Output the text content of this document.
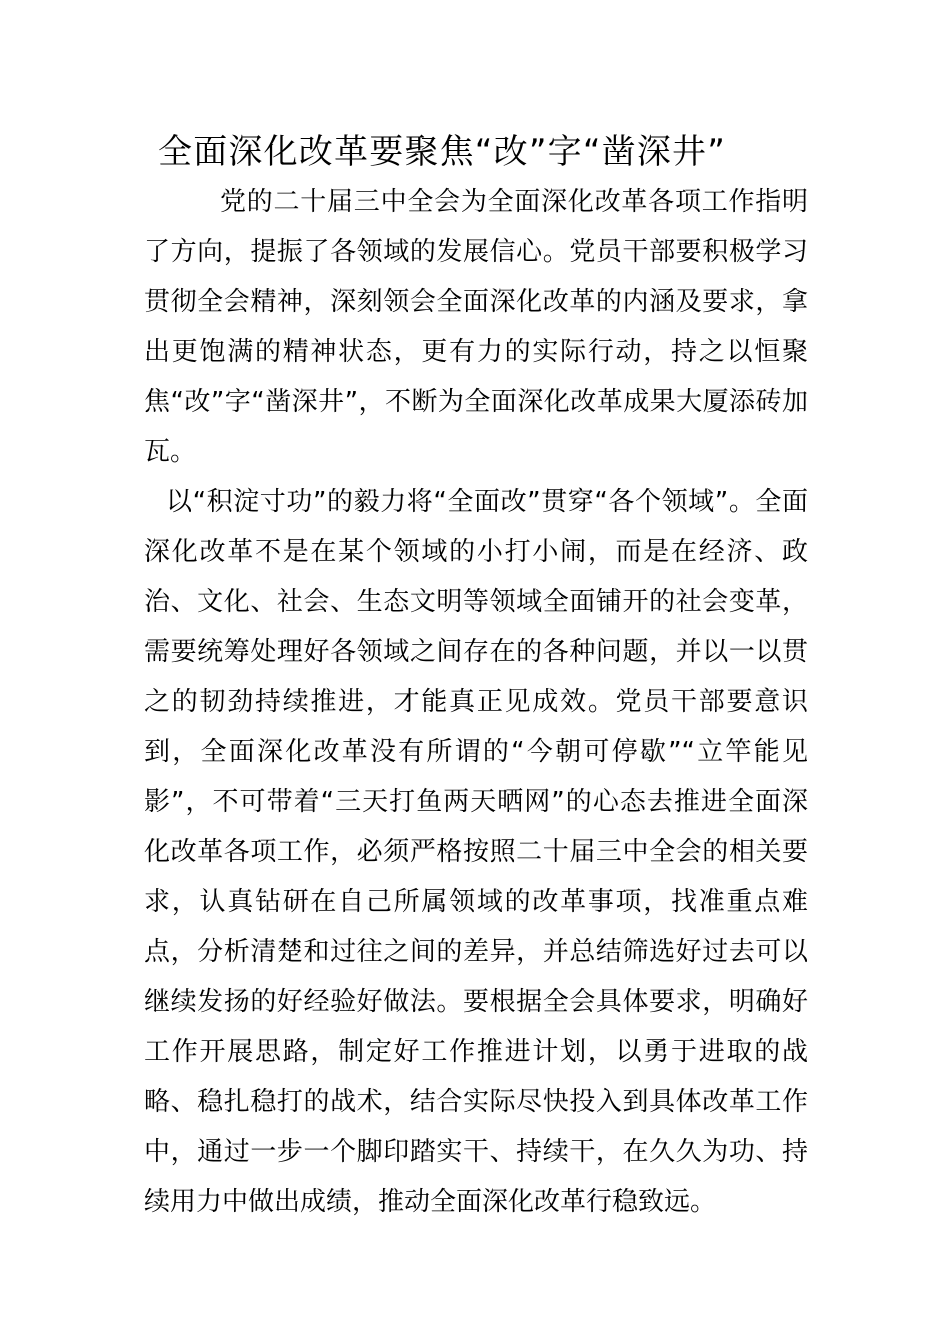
全面深化改革要聚焦“改”字“凿深井”

党的二十届三中全会为全面深化改革各项工作指明了方向，提振了各领域的发展信心。党员干部要积极学习贯彻全会精神，深刻领会全面深化改革的内涵及要求，拿出更饱满的精神状态，更有力的实际行动，持之以恒聚焦“改”字“凿深井”，不断为全面深化改革成果大厦添砖加瓦。

以“积淀寸功”的毅力将“全面改”贯穿“各个领域”。全面深化改革不是在某个领域的小打小闹，而是在经济、政治、文化、社会、生态文明等领域全面铺开的社会变革，需要统筹处理好各领域之间存在的各种问题，并以一以贯之的韧劲持续推进，才能真正见成效。党员干部要意识到，全面深化改革没有所谓的“今朝可停歇”“立竿能见影”，不可带着“三天打鱼两天晒网”的心态去推进全面深化改革各项工作，必须严格按照二十届三中全会的相关要求，认真钻研在自己所属领域的改革事项，找准重点难点，分析清楚和过往之间的差异，并总结筛选好过去可以继续发扬的好经验好做法。要根据全会具体要求，明确好工作开展思路，制定好工作推进计划，以勇于进取的战略、稳扎稳打的战术，结合实际尽快投入到具体改革工作中，通过一步一个脚印踏实干、持续干，在久久为功、持续用力中做出成绩，推动全面深化改革行稳致远。
